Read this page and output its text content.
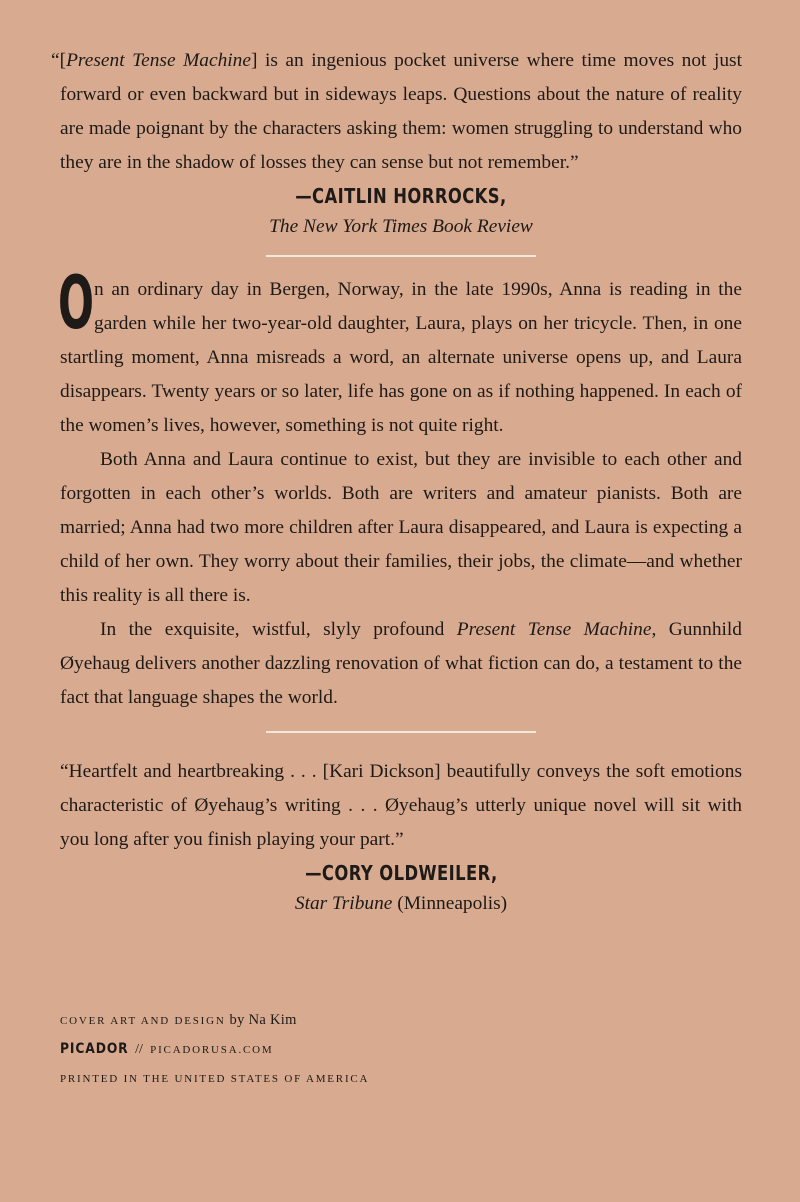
“[Present Tense Machine] is an ingenious pocket universe where time moves not just forward or even backward but in sideways leaps. Questions about the nature of reality are made poignant by the characters asking them: women struggling to understand who they are in the shadow of losses they can sense but not remember.”

—CAITLIN HORROCKS,
The New York Times Book Review

On an ordinary day in Bergen, Norway, in the late 1990s, Anna is reading in the garden while her two-year-old daughter, Laura, plays on her tricycle. Then, in one startling moment, Anna misreads a word, an alternate universe opens up, and Laura disappears. Twenty years or so later, life has gone on as if nothing happened. In each of the women’s lives, however, something is not quite right.

Both Anna and Laura continue to exist, but they are invisible to each other and forgotten in each other’s worlds. Both are writers and amateur pianists. Both are married; Anna had two more children after Laura disappeared, and Laura is expecting a child of her own. They worry about their families, their jobs, the climate—and whether this reality is all there is.

In the exquisite, wistful, slyly profound Present Tense Machine, Gunnhild Øyehaug delivers another dazzling renovation of what fiction can do, a testament to the fact that language shapes the world.

“Heartfelt and heartbreaking . . . [Kari Dickson] beautifully conveys the soft emotions characteristic of Øyehaug’s writing . . . Øyehaug’s utterly unique novel will sit with you long after you finish playing your part.”

—CORY OLDWEILER,
Star Tribune (Minneapolis)
COVER ART AND DESIGN by Na Kim
PICADOR // PICADORUSA.COM
PRINTED IN THE UNITED STATES OF AMERICA
